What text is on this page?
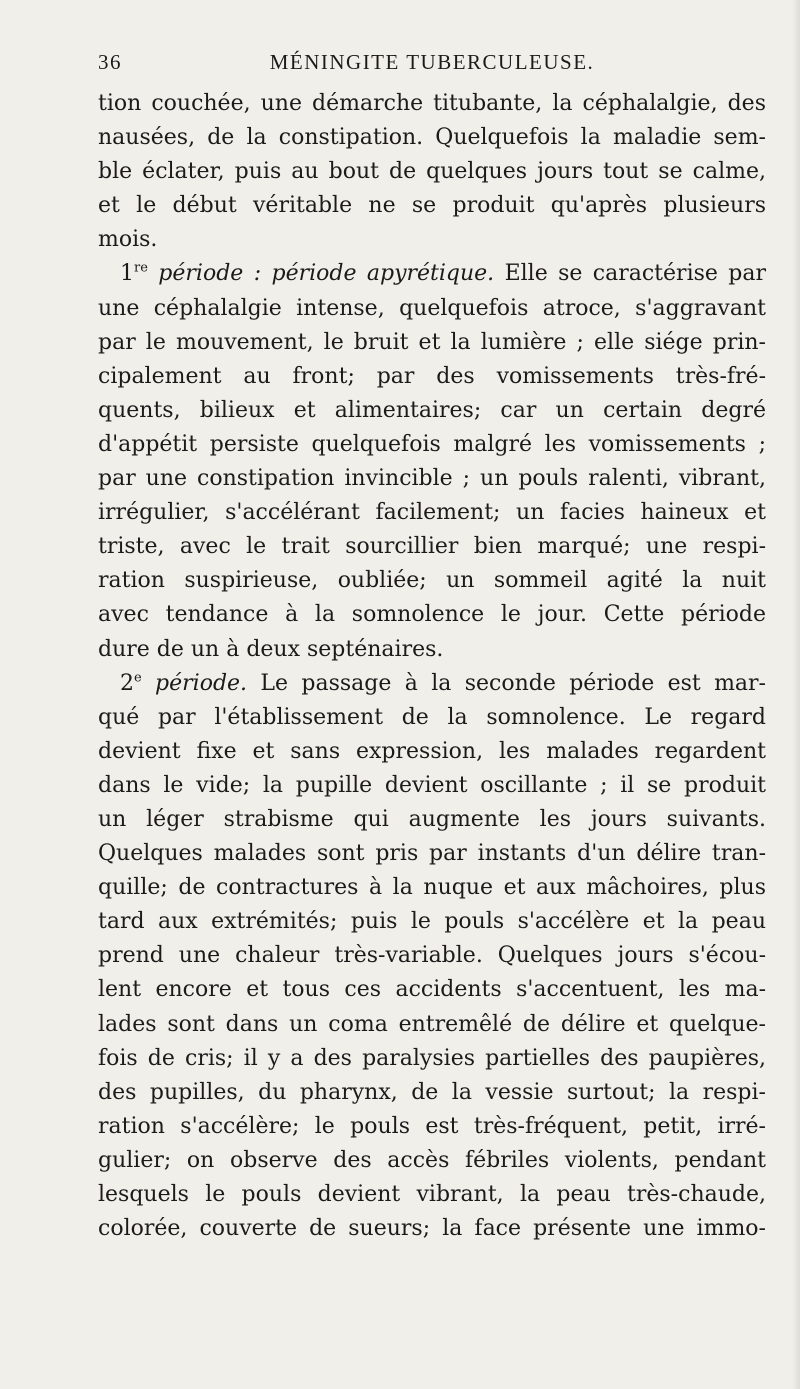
36	MÉNINGITE TUBERCULEUSE.
tion couchée, une démarche titubante, la céphalalgie, des
nausées, de la constipation. Quelquefois la maladie sem-
ble éclater, puis au bout de quelques jours tout se calme,
et le début véritable ne se produit qu'après plusieurs
mois.
1re période : période apyrétique. Elle se caractérise par
une céphalalgie intense, quelquefois atroce, s'aggravant
par le mouvement, le bruit et la lumière ; elle siége prin-
cipalement au front; par des vomissements très-fré-
quents, bilieux et alimentaires; car un certain degré
d'appétit persiste quelquefois malgré les vomissements ;
par une constipation invincible ; un pouls ralenti, vibrant,
irrégulier, s'accélérant facilement; un facies haineux et
triste, avec le trait sourcillier bien marqué; une respi-
ration suspirieuse, oubliée; un sommeil agité la nuit
avec tendance à la somnolence le jour. Cette période
dure de un à deux septénaires.
2e période. Le passage à la seconde période est mar-
qué par l'établissement de la somnolence. Le regard
devient fixe et sans expression, les malades regardent
dans le vide; la pupille devient oscillante ; il se produit
un léger strabisme qui augmente les jours suivants.
Quelques malades sont pris par instants d'un délire tran-
quille; de contractures à la nuque et aux mâchoires, plus
tard aux extrémités; puis le pouls s'accélère et la peau
prend une chaleur très-variable. Quelques jours s'écou-
lent encore et tous ces accidents s'accentuent, les ma-
lades sont dans un coma entremêlé de délire et quelque-
fois de cris; il y a des paralysies partielles des paupières,
des pupilles, du pharynx, de la vessie surtout; la respi-
ration s'accélère; le pouls est très-fréquent, petit, irré-
gulier; on observe des accès fébriles violents, pendant
lesquels le pouls devient vibrant, la peau très-chaude,
colorée, couverte de sueurs; la face présente une immo-
